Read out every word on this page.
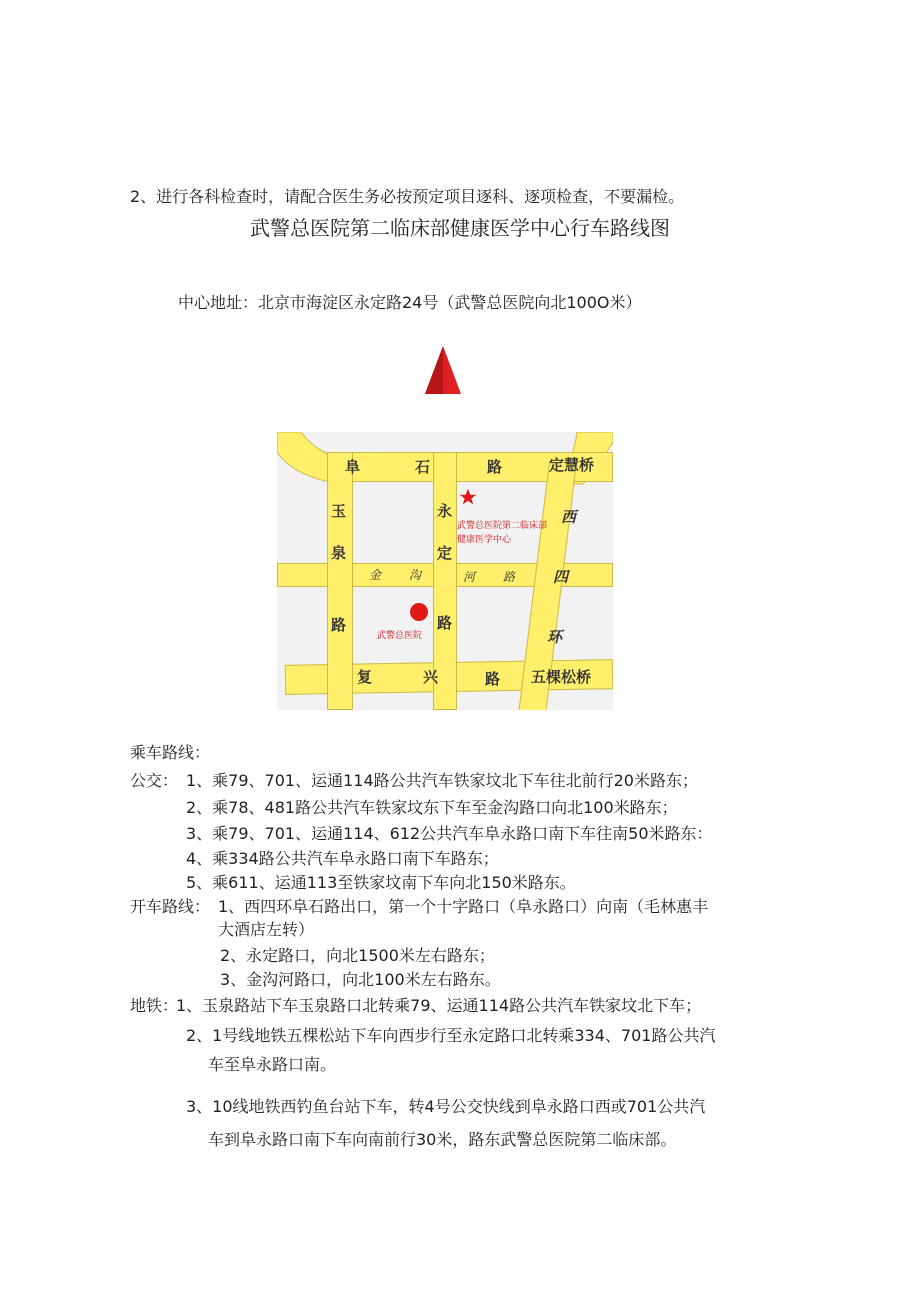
2、进行各科检查时，请配合医生务必按预定项目逐科、逐项检查，不要漏检。
武警总医院第二临床部健康医学中心行车路线图
中心地址：北京市海淀区永定路24号（武警总医院向北100O米）
阜	石	路	定慧桥
玉
泉
路
永
定
路
西
四
环
金 沟	河 路
复	兴	路 五棵松桥
武警总医院第二临床部
健康医学中心
武警总医院
乘车路线：
公交： 1、乘79、701、运通114路公共汽车铁家坟北下车往北前行20米路东；
2、乘78、481路公共汽车铁家坟东下车至金沟路口向北100米路东；
3、乘79、701、运通114、612公共汽车阜永路口南下车往南50米路东：
4、乘334路公共汽车阜永路口南下车路东；
5、乘611、运通113至铁家坟南下车向北150米路东。
开车路线： 1、西四环阜石路出口，第一个十字路口（阜永路口）向南（毛林惠丰
大酒店左转）
2、永定路口，向北1500米左右路东；
3、金沟河路口，向北100米左右路东。
地铁：
1、玉泉路站下车玉泉路口北转乘79、运通114路公共汽车铁家坟北下车；
2、1号线地铁五棵松站下车向西步行至永定路口北转乘334、701路公共汽
车至阜永路口南。
3、10线地铁西钓鱼台站下车，转4号公交快线到阜永路口西或701公共汽
车到阜永路口南下车向南前行30米，路东武警总医院第二临床部。
